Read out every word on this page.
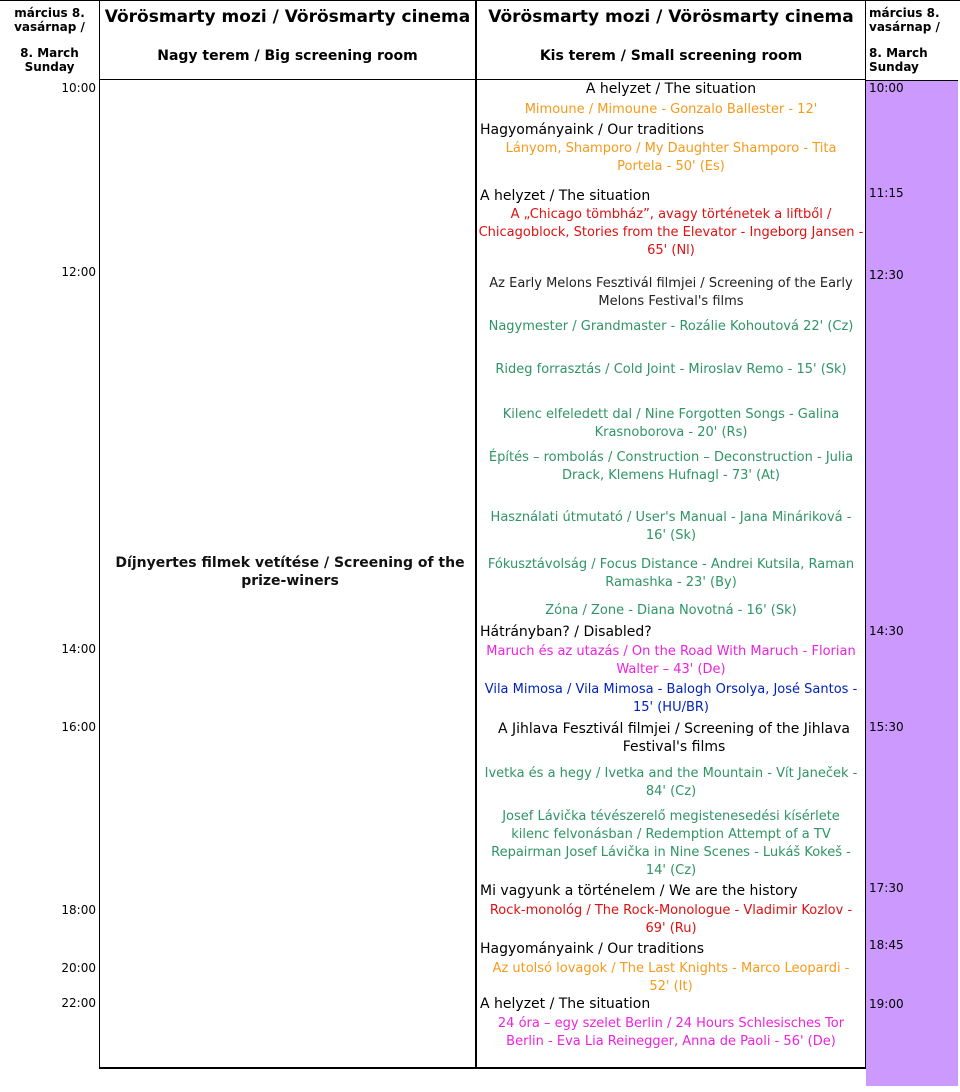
március 8. vasárnap /
8. March Sunday
Vörösmarty mozi / Vörösmarty cinema
Nagy terem / Big screening room
Vörösmarty mozi / Vörösmarty cinema
Kis terem / Small screening room
március 8. vasárnap /
8. March Sunday
10:00
12:00
14:00
16:00
18:00
20:00
22:00
Díjnyertes filmek vetítése / Screening of the prize-winers
10:00
11:15
12:30
14:30
15:30
17:30
18:45
19:00
A helyzet / The situation
Mimoune / Mimoune - Gonzalo Ballester - 12'
Hagyományaink / Our traditions
Lányom, Shamporo / My Daughter Shamporo - Tita Portela - 50' (Es)
A helyzet / The situation
A „Chicago tömbház”, avagy történetek a liftből / Chicagoblock, Stories from the Elevator - Ingeborg Jansen - 65' (Nl)
Az Early Melons Fesztivál filmjei / Screening of the Early Melons Festival's films
Nagymester / Grandmaster - Rozálie Kohoutová 22' (Cz)
Rideg forrasztás / Cold Joint - Miroslav Remo - 15' (Sk)
Kilenc elfeledett dal / Nine Forgotten Songs - Galina Krasnoborova - 20' (Rs)
Építés – rombolás / Construction – Deconstruction - Julia Drack, Klemens Hufnagl - 73' (At)
Használati útmutató / User's Manual - Jana Mináriková - 16' (Sk)
Fókusztávolság / Focus Distance - Andrei Kutsila, Raman Ramashka - 23' (By)
Zóna / Zone - Diana Novotná - 16' (Sk)
Hátrányban? / Disabled?
Maruch és az utazás / On the Road With Maruch - Florian Walter – 43' (De)
Vila Mimosa / Vila Mimosa - Balogh Orsolya, José Santos - 15' (HU/BR)
A Jihlava Fesztivál filmjei / Screening of the Jihlava Festival's films
Ivetka és a hegy / Ivetka and the Mountain - Vít Janeček - 84' (Cz)
Josef Lávička tévészerelő megistenesedési kísérlete kilenc felvonásban / Redemption Attempt of a TV Repairman Josef Lávička in Nine Scenes - Lukáš Kokeš - 14' (Cz)
Mi vagyunk a történelem / We are the history
Rock-monológ / The Rock-Monologue - Vladimir Kozlov - 69' (Ru)
Hagyományaink / Our traditions
Az utolsó lovagok / The Last Knights - Marco Leopardi - 52' (It)
A helyzet / The situation
24 óra – egy szelet Berlin / 24 Hours Schlesisches Tor Berlin - Eva Lia Reinegger, Anna de Paoli - 56' (De)
